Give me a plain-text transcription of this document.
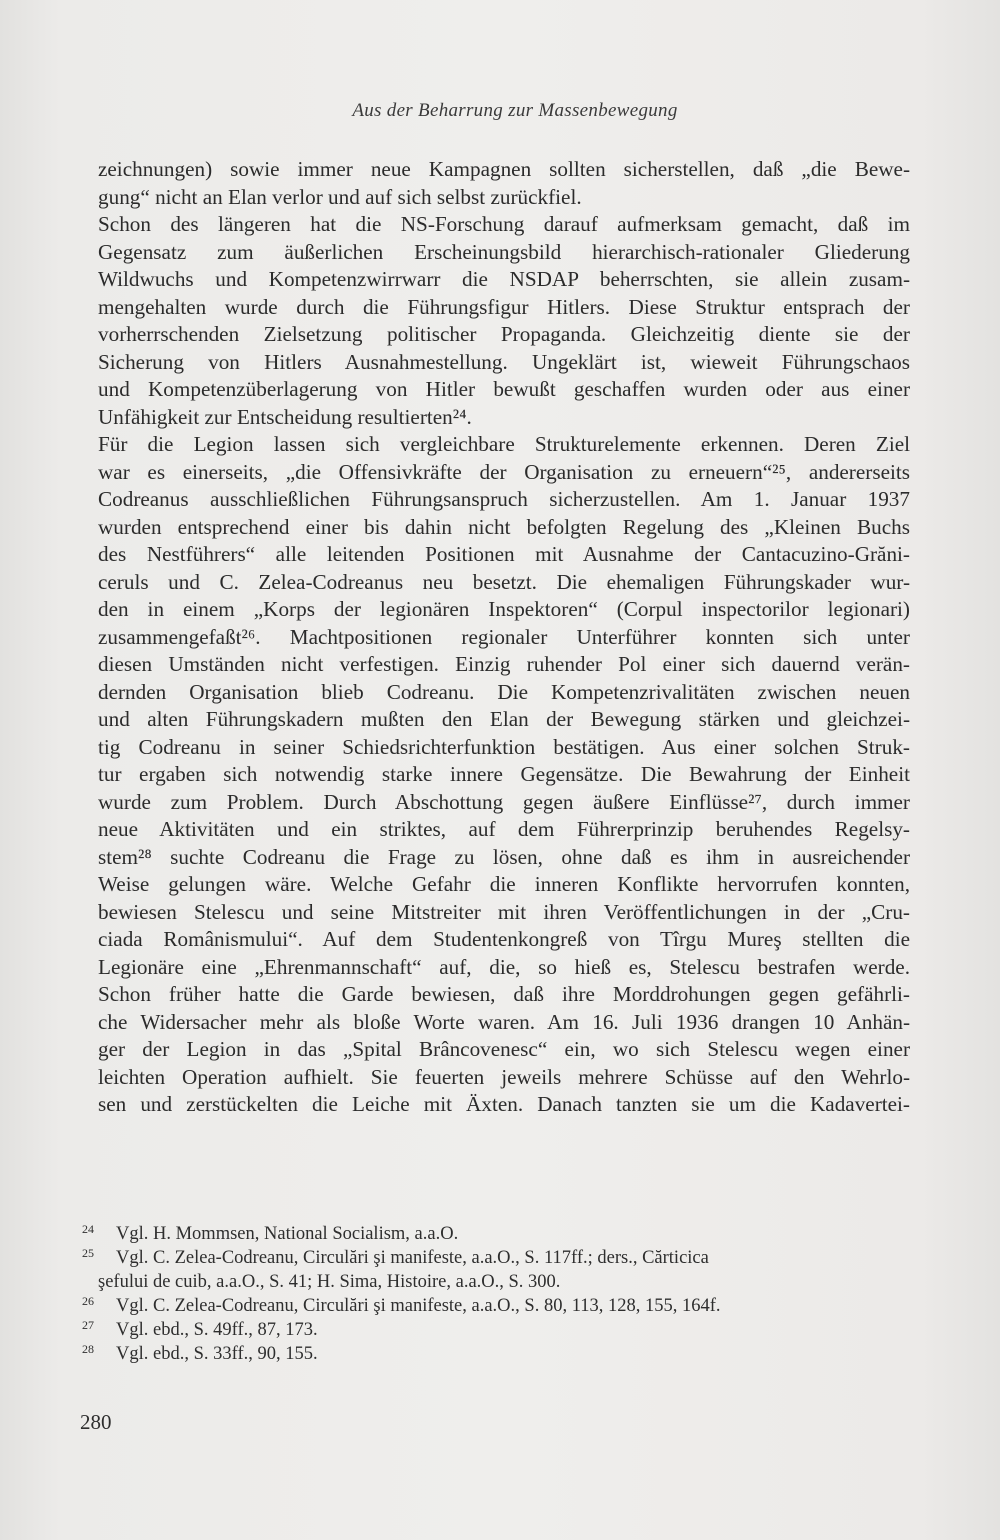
Aus der Beharrung zur Massenbewegung
zeichnungen) sowie immer neue Kampagnen sollten sicherstellen, daß „die Bewe-
gung“ nicht an Elan verlor und auf sich selbst zurückfiel.
Schon des längeren hat die NS-Forschung darauf aufmerksam gemacht, daß im
Gegensatz zum äußerlichen Erscheinungsbild hierarchisch-rationaler Gliederung
Wildwuchs und Kompetenzwirrwarr die NSDAP beherrschten, sie allein zusam-
mengehalten wurde durch die Führungsfigur Hitlers. Diese Struktur entsprach der
vorherrschenden Zielsetzung politischer Propaganda. Gleichzeitig diente sie der
Sicherung von Hitlers Ausnahmestellung. Ungeklärt ist, wieweit Führungschaos
und Kompetenzüberlagerung von Hitler bewußt geschaffen wurden oder aus einer
Unfähigkeit zur Entscheidung resultierten²⁴.
Für die Legion lassen sich vergleichbare Strukturelemente erkennen. Deren Ziel
war es einerseits, „die Offensivkräfte der Organisation zu erneuern“²⁵, andererseits
Codreanus ausschließlichen Führungsanspruch sicherzustellen. Am 1. Januar 1937
wurden entsprechend einer bis dahin nicht befolgten Regelung des „Kleinen Buchs
des Nestführers“ alle leitenden Positionen mit Ausnahme der Cantacuzino-Grăni-
ceruls und C. Zelea-Codreanus neu besetzt. Die ehemaligen Führungskader wur-
den in einem „Korps der legionären Inspektoren“ (Corpul inspectorilor legionari)
zusammengefaßt²⁶. Machtpositionen regionaler Unterführer konnten sich unter
diesen Umständen nicht verfestigen. Einzig ruhender Pol einer sich dauernd verän-
dernden Organisation blieb Codreanu. Die Kompetenzrivalitäten zwischen neuen
und alten Führungskadern mußten den Elan der Bewegung stärken und gleichzei-
tig Codreanu in seiner Schiedsrichterfunktion bestätigen. Aus einer solchen Struk-
tur ergaben sich notwendig starke innere Gegensätze. Die Bewahrung der Einheit
wurde zum Problem. Durch Abschottung gegen äußere Einflüsse²⁷, durch immer
neue Aktivitäten und ein striktes, auf dem Führerprinzip beruhendes Regelsy-
stem²⁸ suchte Codreanu die Frage zu lösen, ohne daß es ihm in ausreichender
Weise gelungen wäre. Welche Gefahr die inneren Konflikte hervorrufen konnten,
bewiesen Stelescu und seine Mitstreiter mit ihren Veröffentlichungen in der „Cru-
ciada Românismului“. Auf dem Studentenkongreß von Tîrgu Mureş stellten die
Legionäre eine „Ehrenmannschaft“ auf, die, so hieß es, Stelescu bestrafen werde.
Schon früher hatte die Garde bewiesen, daß ihre Morddrohungen gegen gefährli-
che Widersacher mehr als bloße Worte waren. Am 16. Juli 1936 drangen 10 Anhän-
ger der Legion in das „Spital Brâncovenesc“ ein, wo sich Stelescu wegen einer
leichten Operation aufhielt. Sie feuerten jeweils mehrere Schüsse auf den Wehrlo-
sen und zerstückelten die Leiche mit Äxten. Danach tanzten sie um die Kadavertei-
24	Vgl. H. Mommsen, National Socialism, a.a.O.
25	Vgl. C. Zelea-Codreanu, Circulări şi manifeste, a.a.O., S. 117ff.; ders., Cărticica
şefului de cuib, a.a.O., S. 41; H. Sima, Histoire, a.a.O., S. 300.
26	Vgl. C. Zelea-Codreanu, Circulări şi manifeste, a.a.O., S. 80, 113, 128, 155, 164f.
27	Vgl. ebd., S. 49ff., 87, 173.
28	Vgl. ebd., S. 33ff., 90, 155.
280
